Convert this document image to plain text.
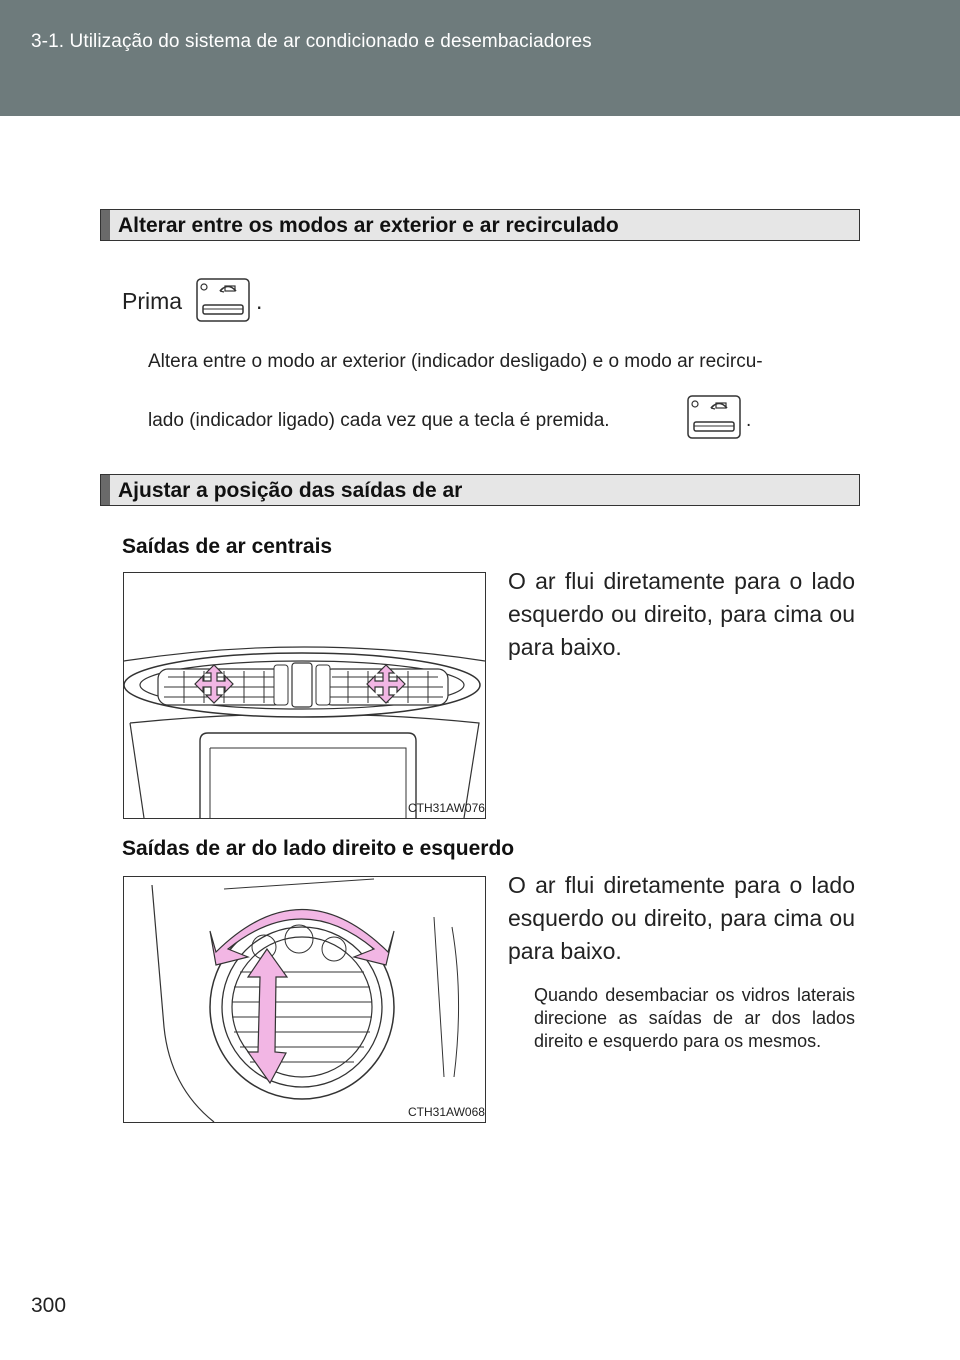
3-1. Utilização do sistema de ar condicionado e desembaciadores
Alterar entre os modos ar exterior e ar recirculado
Prima	.
Altera entre o modo ar exterior (indicador desligado) e o modo ar recircu-
lado (indicador ligado) cada vez que a tecla é premida.	.
Ajustar a posição das saídas de ar
Saídas de ar centrais
CTH31AW076
O ar flui diretamente para o lado esquerdo ou direito, para cima ou para baixo.
Saídas de ar do lado direito e esquerdo
CTH31AW068
O ar flui diretamente para o lado esquerdo ou direito, para cima ou para baixo.
Quando desembaciar os vidros laterais direcione as saídas de ar dos lados direito e esquerdo para os mesmos.
300
